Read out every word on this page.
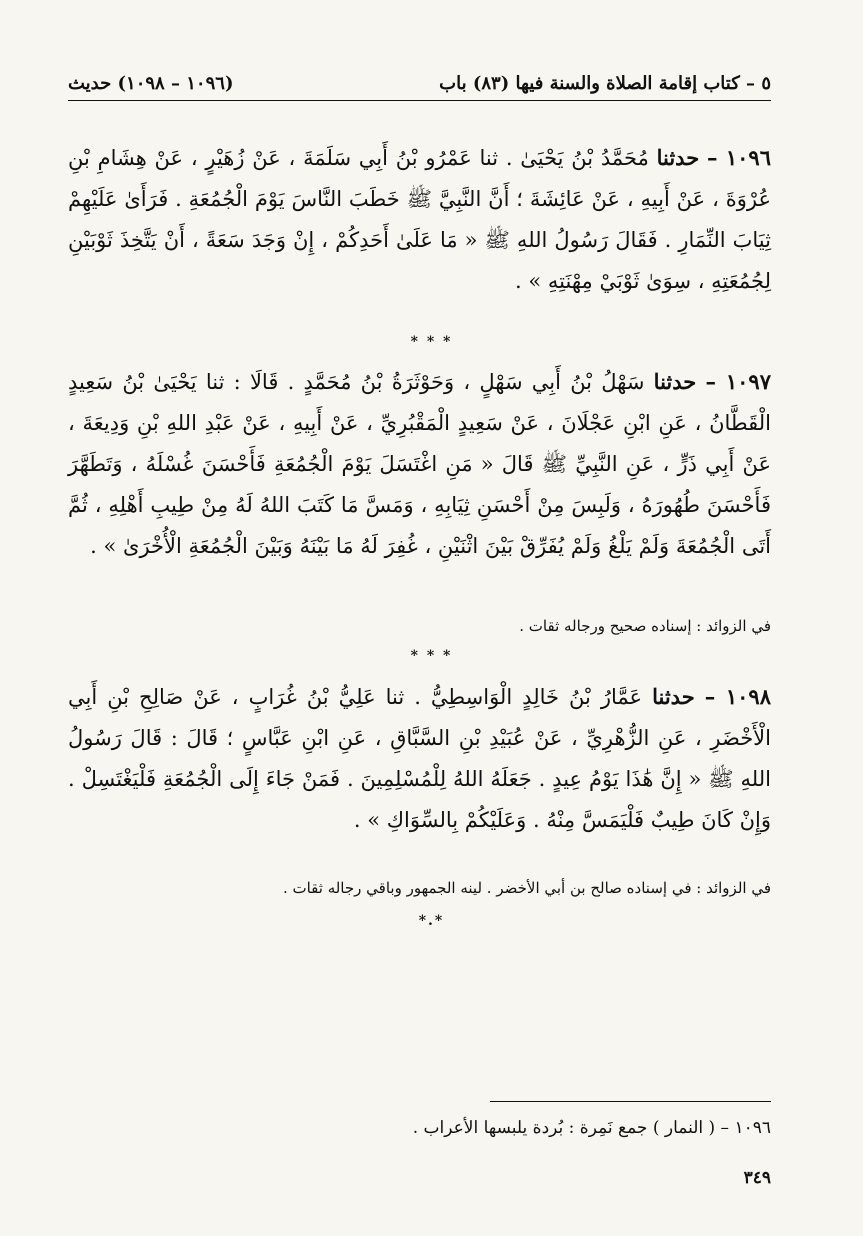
٥ – كتاب إقامة الصلاة والسنة فيها (٨٣) باب
(١٠٩٦ – ١٠٩٨) حديث
١٠٩٦ – حدثنا مُحَمَّدُ بْنُ يَحْيَىٰ . ثنا عَمْرُو بْنُ أَبِي سَلَمَةَ ، عَنْ زُهَيْرٍ ، عَنْ هِشَامِ بْنِ عُرْوَةَ ، عَنْ أَبِيهِ ، عَنْ عَائِشَةَ ؛ أَنَّ النَّبِيَّ ﷺ خَطَبَ النَّاسَ يَوْمَ الْجُمُعَةِ . فَرَأَىٰ عَلَيْهِمْ ثِيَابَ النِّمَارِ . فَقَالَ رَسُولُ اللهِ ﷺ « مَا عَلَىٰ أَحَدِكُمْ ، إِنْ وَجَدَ سَعَةً ، أَنْ يَتَّخِذَ ثَوْبَيْنِ لِجُمُعَتِهِ ، سِوَىٰ ثَوْبَيْ مِهْنَتِهِ » .
* * *
١٠٩٧ – حدثنا سَهْلُ بْنُ أَبِي سَهْلٍ ، وَحَوْثَرَةُ بْنُ مُحَمَّدٍ . قَالَا : ثنا يَحْيَىٰ بْنُ سَعِيدٍ الْقَطَّانُ ، عَنِ ابْنِ عَجْلَانَ ، عَنْ سَعِيدٍ الْمَقْبُرِيِّ ، عَنْ أَبِيهِ ، عَنْ عَبْدِ اللهِ بْنِ وَدِيعَةَ ، عَنْ أَبِي ذَرٍّ ، عَنِ النَّبِيِّ ﷺ قَالَ « مَنِ اغْتَسَلَ يَوْمَ الْجُمُعَةِ فَأَحْسَنَ غُسْلَهُ ، وَتَطَهَّرَ فَأَحْسَنَ طُهُورَهُ ، وَلَبِسَ مِنْ أَحْسَنِ ثِيَابِهِ ، وَمَسَّ مَا كَتَبَ اللهُ لَهُ مِنْ طِيبِ أَهْلِهِ ، ثُمَّ أَتَى الْجُمُعَةَ وَلَمْ يَلْغُ وَلَمْ يُفَرِّقْ بَيْنَ اثْنَيْنِ ، غُفِرَ لَهُ مَا بَيْنَهُ وَبَيْنَ الْجُمُعَةِ الْأُخْرَىٰ » .
في الزوائد : إسناده صحيح ورجاله ثقات .
* * *
١٠٩٨ – حدثنا عَمَّارُ بْنُ خَالِدٍ الْوَاسِطِيُّ . ثنا عَلِيُّ بْنُ غُرَابٍ ، عَنْ صَالِحِ بْنِ أَبِي الْأَخْضَرِ ، عَنِ الزُّهْرِيِّ ، عَنْ عُبَيْدِ بْنِ السَّبَّاقِ ، عَنِ ابْنِ عَبَّاسٍ ؛ قَالَ : قَالَ رَسُولُ اللهِ ﷺ « إِنَّ هَٰذَا يَوْمُ عِيدٍ . جَعَلَهُ اللهُ لِلْمُسْلِمِينَ . فَمَنْ جَاءَ إِلَى الْجُمُعَةِ فَلْيَغْتَسِلْ . وَإِنْ كَانَ طِيبٌ فَلْيَمَسَّ مِنْهُ . وَعَلَيْكُمْ بِالسِّوَاكِ » .
في الزوائد : في إسناده صالح بن أبي الأخضر . لينه الجمهور وباقي رجاله ثقات .
*.*
١٠٩٦ – ( النمار ) جمع نَمِرة : بُردة يلبسها الأعراب .
٣٤٩
